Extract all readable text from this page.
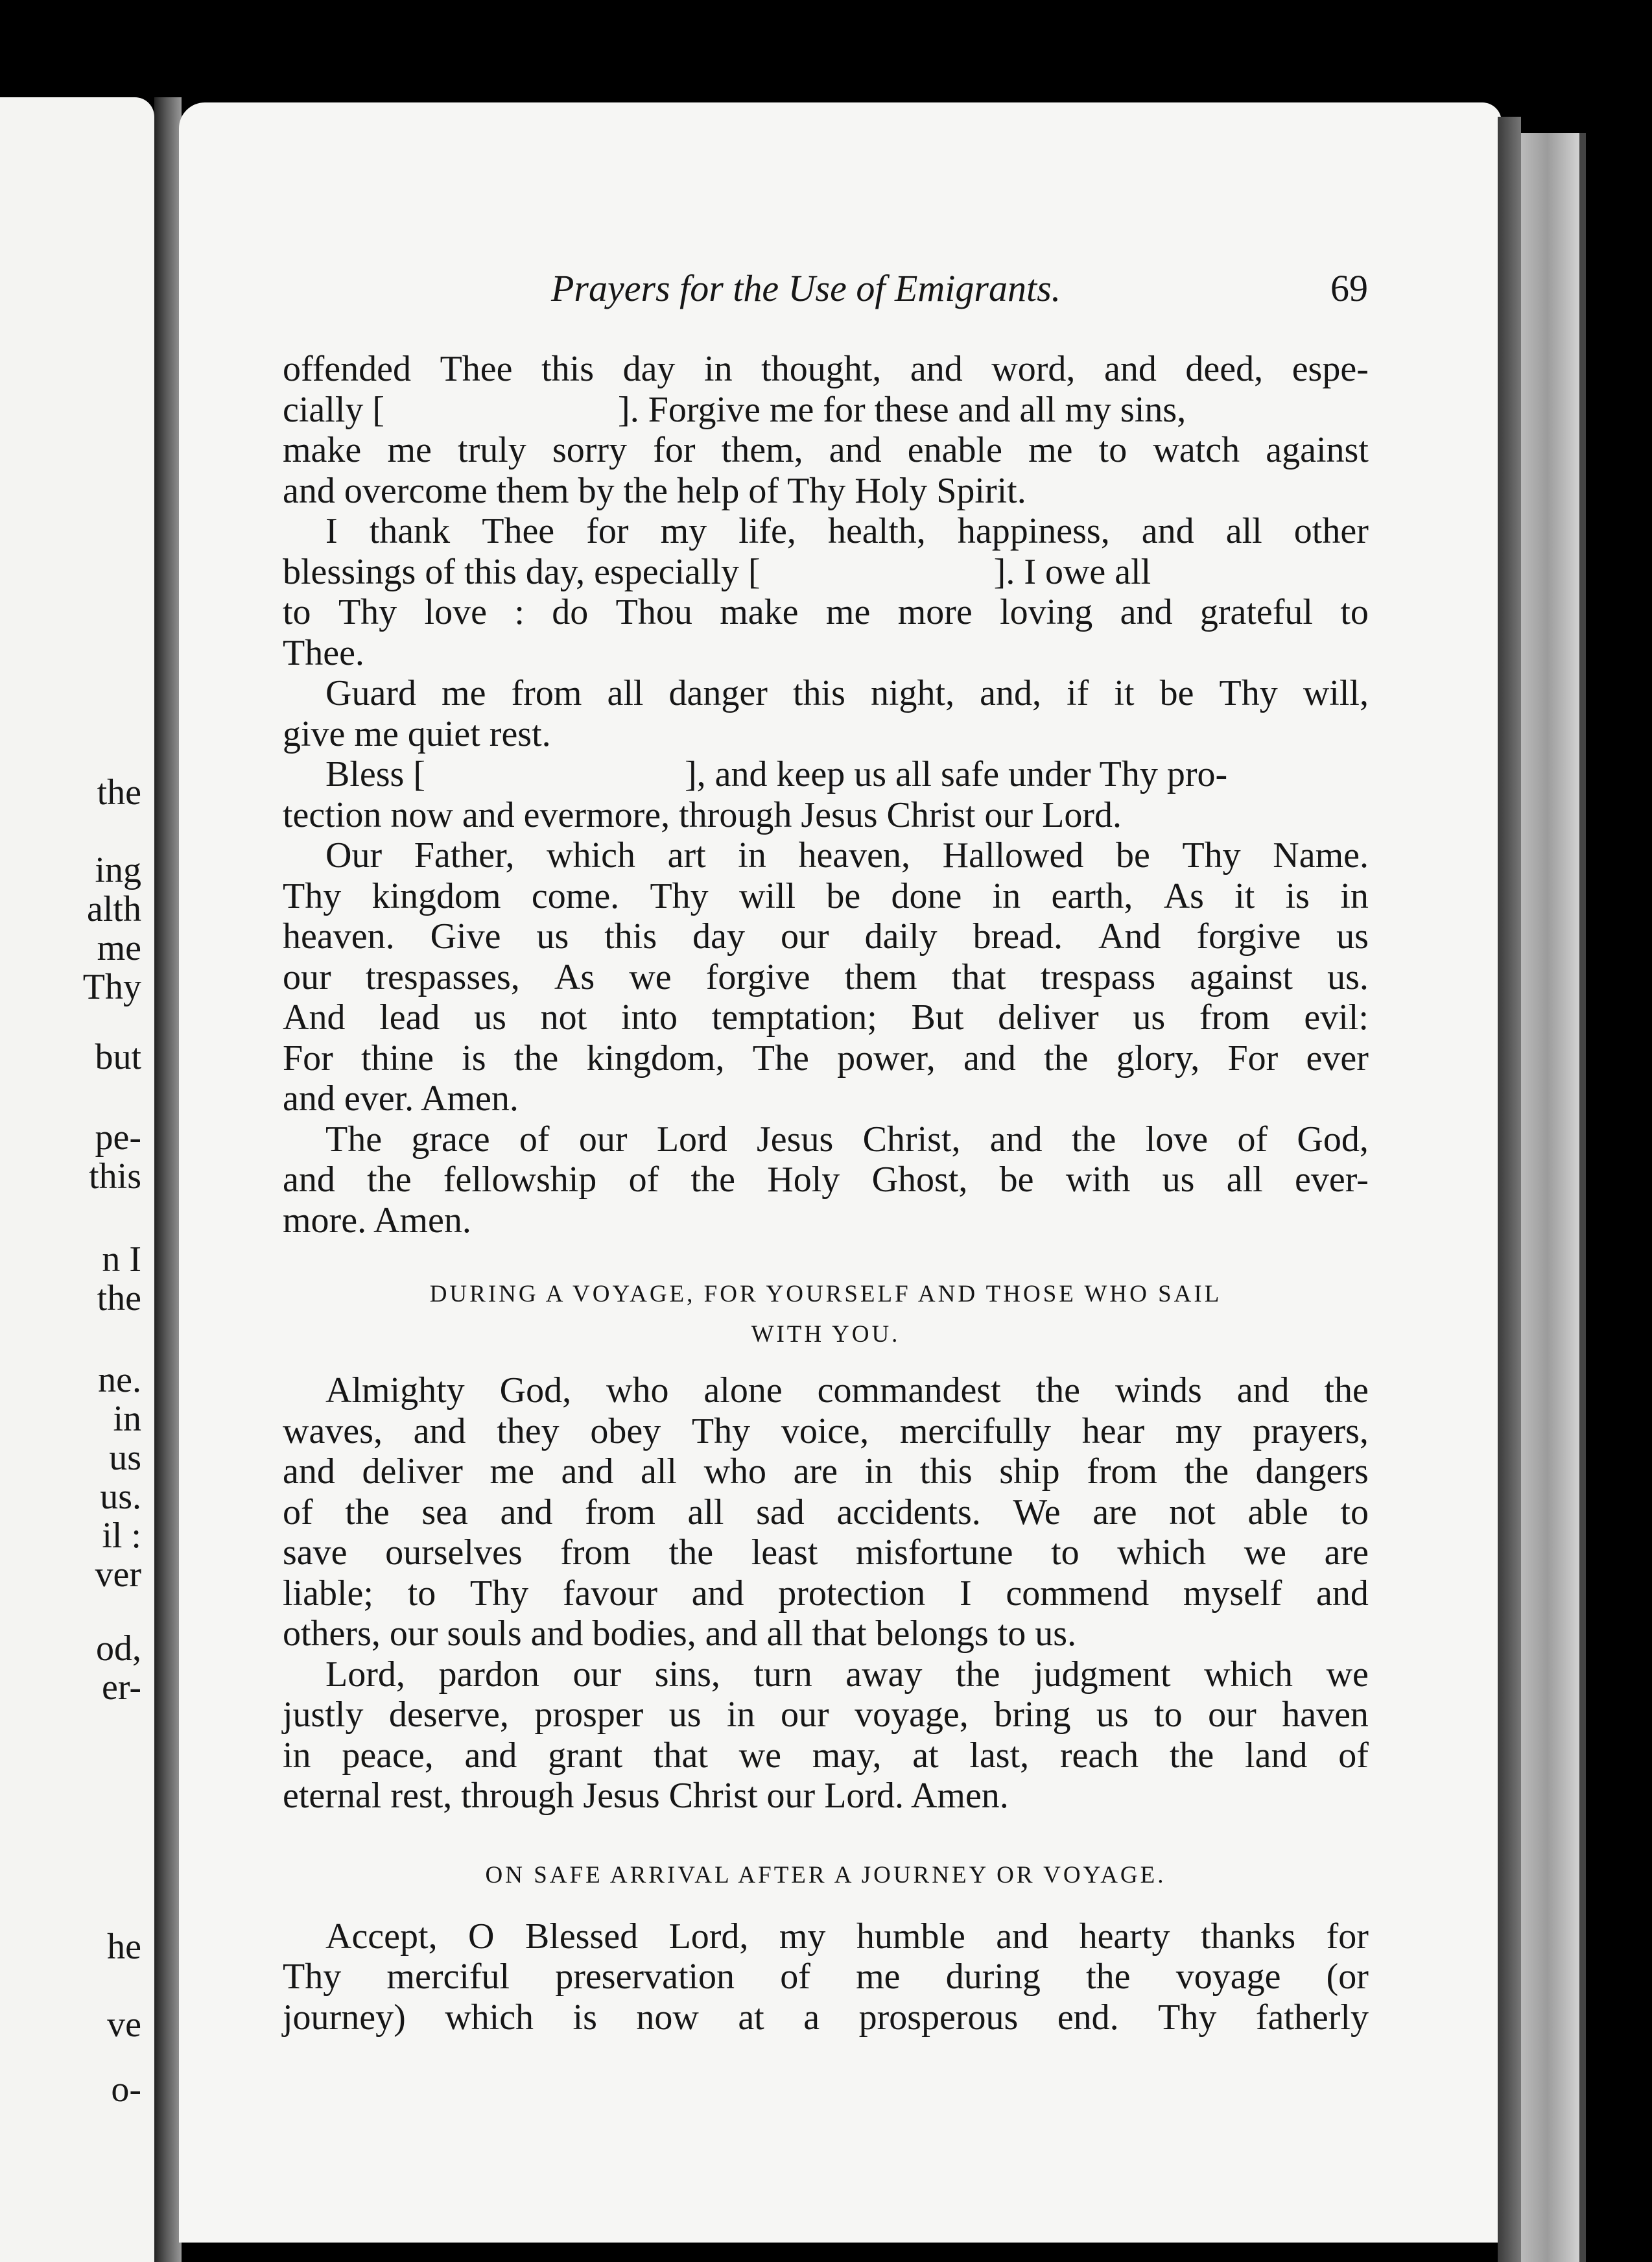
the
ing
alth
me
Thy
but
pe-
this
n I
the
ne.
in
us
us.
il :
ver
od,
er-
he
ve
o-
Prayers for the Use of Emigrants.	69
offended Thee this day in thought, and word, and deed, espe-
cially [	]. Forgive me for these and all my sins,
make me truly sorry for them, and enable me to watch against
and overcome them by the help of Thy Holy Spirit.
I thank Thee for my life, health, happiness, and all other
blessings of this day, especially [	]. I owe all
to Thy love : do Thou make me more loving and grateful to
Thee.
Guard me from all danger this night, and, if it be Thy will,
give me quiet rest.
Bless [	], and keep us all safe under Thy pro-
tection now and evermore, through Jesus Christ our Lord.
Our Father, which art in heaven, Hallowed be Thy Name.
Thy kingdom come. Thy will be done in earth, As it is in
heaven. Give us this day our daily bread. And forgive us
our trespasses, As we forgive them that trespass against us.
And lead us not into temptation; But deliver us from evil:
For thine is the kingdom, The power, and the glory, For ever
and ever. Amen.
The grace of our Lord Jesus Christ, and the love of God,
and the fellowship of the Holy Ghost, be with us all ever-
more. Amen.
DURING A VOYAGE, FOR YOURSELF AND THOSE WHO SAIL
WITH YOU.
Almighty God, who alone commandest the winds and the
waves, and they obey Thy voice, mercifully hear my prayers,
and deliver me and all who are in this ship from the dangers
of the sea and from all sad accidents. We are not able to
save ourselves from the least misfortune to which we are
liable; to Thy favour and protection I commend myself and
others, our souls and bodies, and all that belongs to us.
Lord, pardon our sins, turn away the judgment which we
justly deserve, prosper us in our voyage, bring us to our haven
in peace, and grant that we may, at last, reach the land of
eternal rest, through Jesus Christ our Lord. Amen.
ON SAFE ARRIVAL AFTER A JOURNEY OR VOYAGE.
Accept, O Blessed Lord, my humble and hearty thanks for
Thy merciful preservation of me during the voyage (or
journey) which is now at a prosperous end. Thy fatherly
